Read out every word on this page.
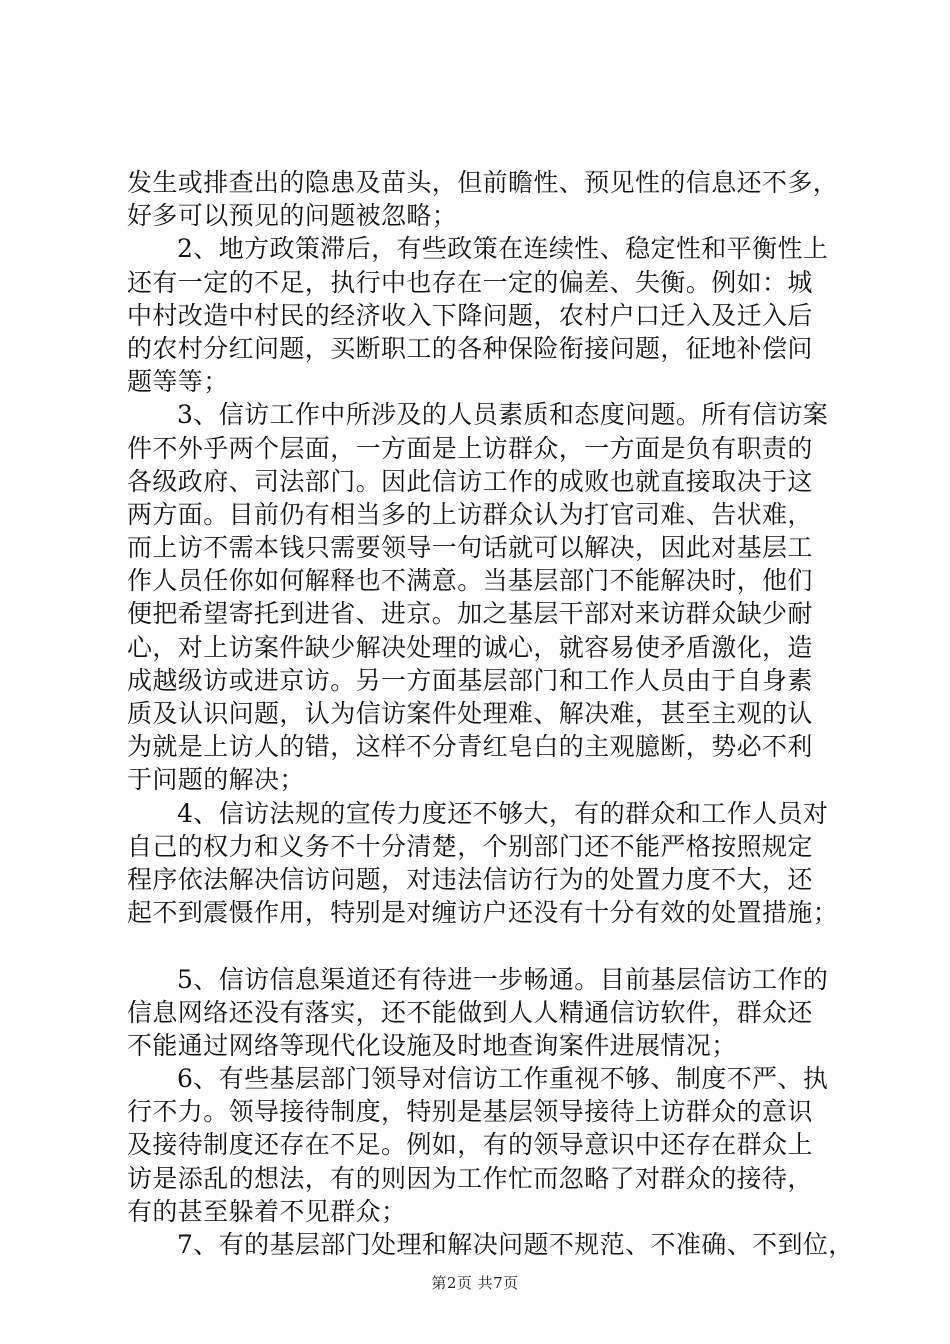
发生或排查出的隐患及苗头，但前瞻性、预见性的信息还不多，
好多可以预见的问题被忽略；
2、地方政策滞后，有些政策在连续性、稳定性和平衡性上
还有一定的不足，执行中也存在一定的偏差、失衡。例如：城
中村改造中村民的经济收入下降问题，农村户口迁入及迁入后
的农村分红问题，买断职工的各种保险衔接问题，征地补偿问
题等等；
3、信访工作中所涉及的人员素质和态度问题。所有信访案
件不外乎两个层面，一方面是上访群众，一方面是负有职责的
各级政府、司法部门。因此信访工作的成败也就直接取决于这
两方面。目前仍有相当多的上访群众认为打官司难、告状难，
而上访不需本钱只需要领导一句话就可以解决，因此对基层工
作人员任你如何解释也不满意。当基层部门不能解决时，他们
便把希望寄托到进省、进京。加之基层干部对来访群众缺少耐
心，对上访案件缺少解决处理的诚心，就容易使矛盾激化，造
成越级访或进京访。另一方面基层部门和工作人员由于自身素
质及认识问题，认为信访案件处理难、解决难，甚至主观的认
为就是上访人的错，这样不分青红皂白的主观臆断，势必不利
于问题的解决；
4、信访法规的宣传力度还不够大，有的群众和工作人员对
自己的权力和义务不十分清楚，个别部门还不能严格按照规定
程序依法解决信访问题，对违法信访行为的处置力度不大，还
起不到震慑作用，特别是对缠访户还没有十分有效的处置措施；
5、信访信息渠道还有待进一步畅通。目前基层信访工作的
信息网络还没有落实，还不能做到人人精通信访软件，群众还
不能通过网络等现代化设施及时地查询案件进展情况；
6、有些基层部门领导对信访工作重视不够、制度不严、执
行不力。领导接待制度，特别是基层领导接待上访群众的意识
及接待制度还存在不足。例如，有的领导意识中还存在群众上
访是添乱的想法，有的则因为工作忙而忽略了对群众的接待，
有的甚至躲着不见群众；
7、有的基层部门处理和解决问题不规范、不准确、不到位，
第2页 共7页
